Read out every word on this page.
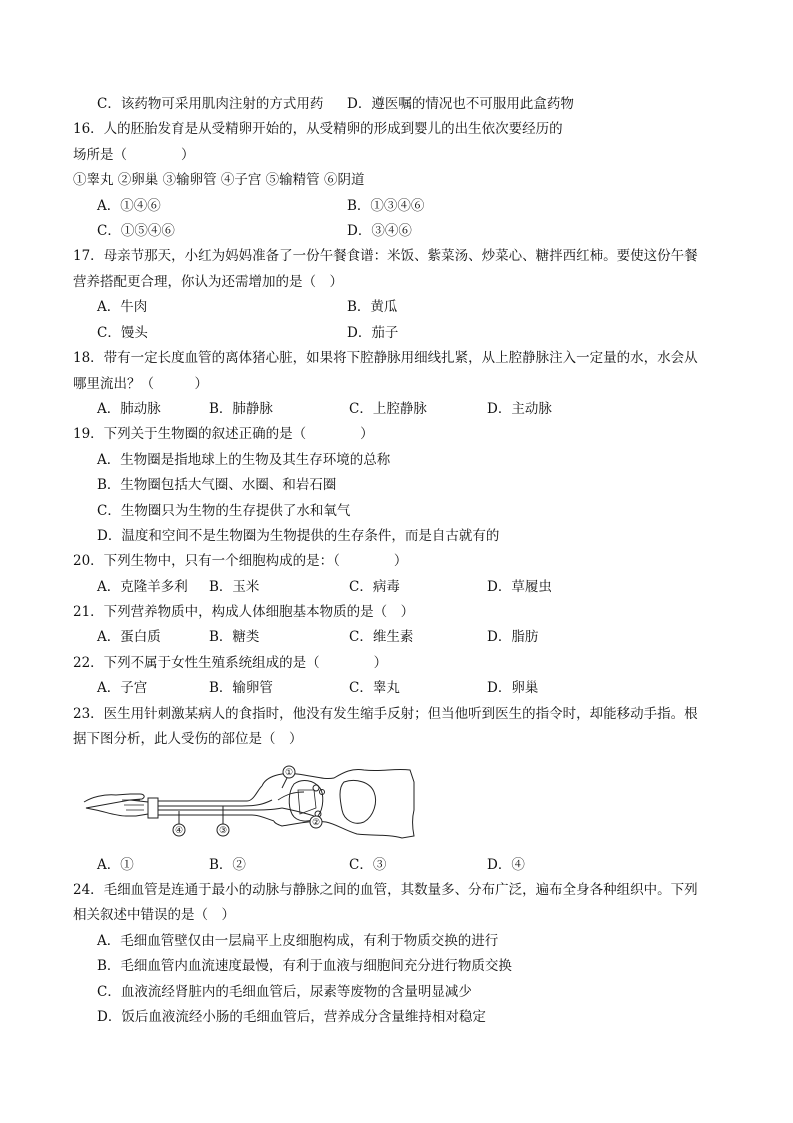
C．该药物可采用肌肉注射的方式用药 D．遵医嘱的情况也不可服用此盒药物
16．人的胚胎发育是从受精卵开始的，从受精卵的形成到婴儿的出生依次要经历的
场所是（　　　　）
①睾丸 ②卵巢 ③输卵管 ④子宫 ⑤输精管 ⑥阴道
A．①④⑥	B．①③④⑥
C．①⑤④⑥	D．③④⑥
17．母亲节那天，小红为妈妈准备了一份午餐食谱：米饭、紫菜汤、炒菜心、糖拌西红柿。要使这份午餐
营养搭配更合理，你认为还需增加的是（　）
A．牛肉	B．黄瓜
C．馒头	D．茄子
18．带有一定长度血管的离体猪心脏，如果将下腔静脉用细线扎紧，从上腔静脉注入一定量的水，水会从
哪里流出？（　　　）
A．肺动脉	B．肺静脉	C．上腔静脉	D．主动脉
19．下列关于生物圈的叙述正确的是（　　　　）
A．生物圈是指地球上的生物及其生存环境的总称
B．生物圈包括大气圈、水圈、和岩石圈
C．生物圈只为生物的生存提供了水和氧气
D．温度和空间不是生物圈为生物提供的生存条件，而是自古就有的
20．下列生物中，只有一个细胞构成的是：（　　　　）
A．克隆羊多利 B．玉米	C．病毒	D．草履虫
21．下列营养物质中，构成人体细胞基本物质的是（　）
A．蛋白质	B．糖类	C．维生素	D．脂肪
22．下列不属于女性生殖系统组成的是（　　　　）
A．子宫	B．输卵管	C．睾丸	D．卵巢
23．医生用针刺激某病人的食指时，他没有发生缩手反射；但当他听到医生的指令时，却能移动手指。根
据下图分析，此人受伤的部位是（　）
①
②
③
④
A．①	B．②	C．③	D．④
24．毛细血管是连通于最小的动脉与静脉之间的血管，其数量多、分布广泛，遍布全身各种组织中。下列
相关叙述中错误的是（　）
A．毛细血管壁仅由一层扁平上皮细胞构成，有利于物质交换的进行
B．毛细血管内血流速度最慢，有利于血液与细胞间充分进行物质交换
C．血液流经肾脏内的毛细血管后，尿素等废物的含量明显减少
D．饭后血液流经小肠的毛细血管后，营养成分含量维持相对稳定
